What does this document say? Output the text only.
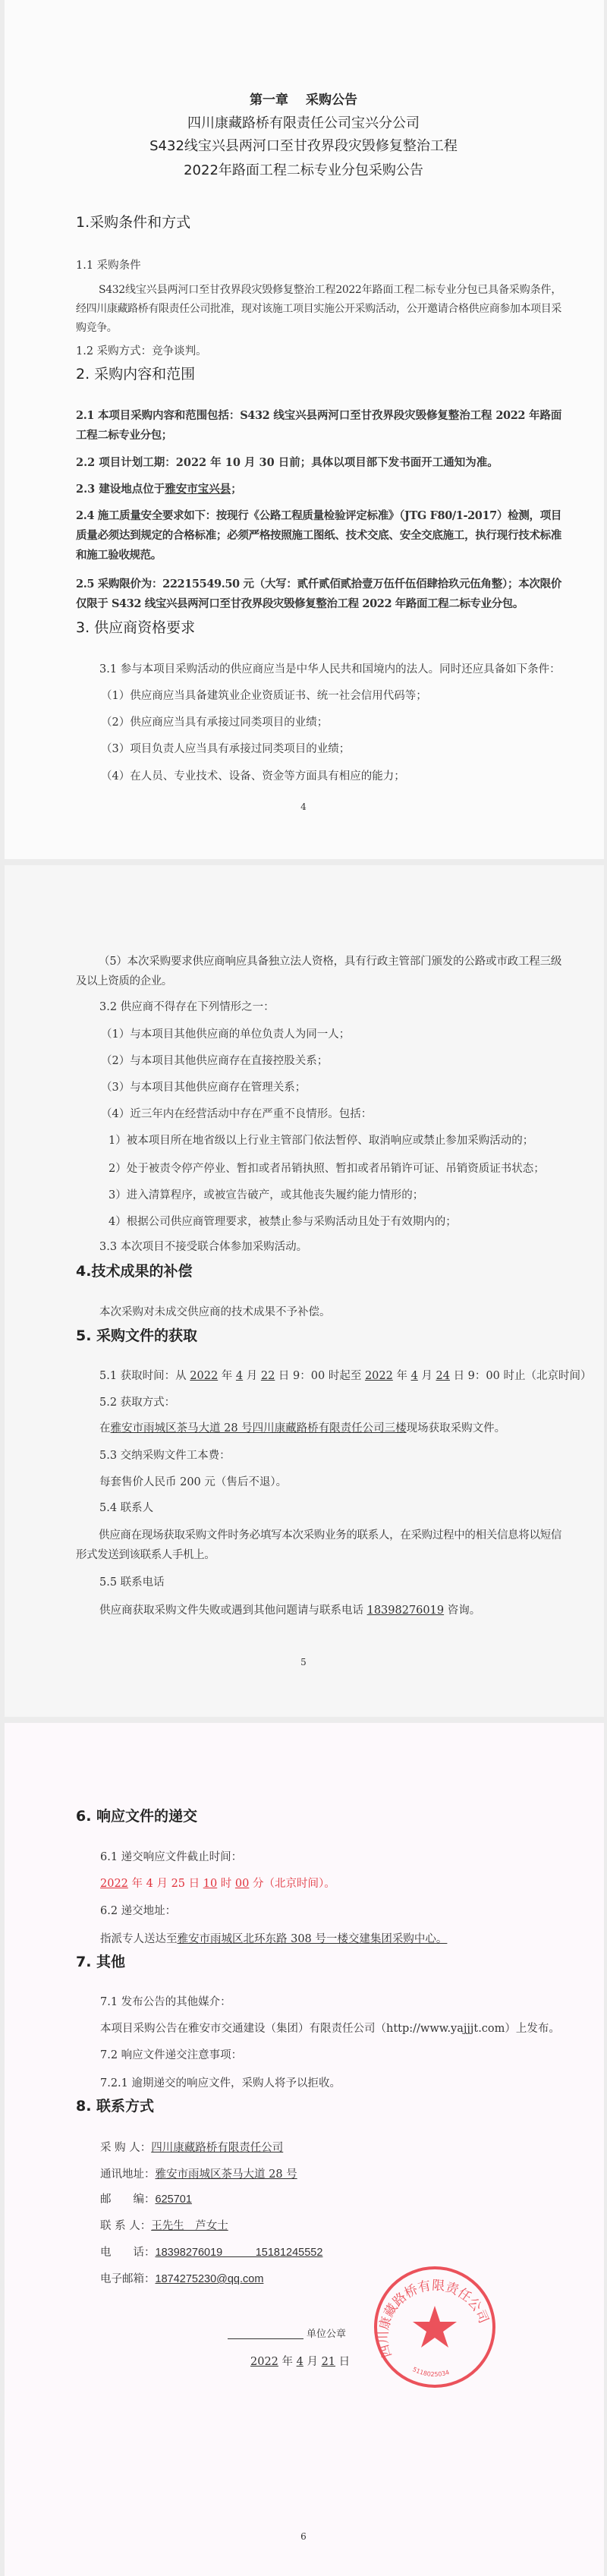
第一章　 采购公告
四川康藏路桥有限责任公司宝兴分公司
S432线宝兴县两河口至甘孜界段灾毁修复整治工程
2022年路面工程二标专业分包采购公告
1.采购条件和方式
1.1 采购条件
S432线宝兴县两河口至甘孜界段灾毁修复整治工程2022年路面工程二标专业分包已具备采购条件，经四川康藏路桥有限责任公司批准，现对该施工项目实施公开采购活动，公开邀请合格供应商参加本项目采购竞争。
1.2 采购方式：竞争谈判。
2. 采购内容和范围
2.1 本项目采购内容和范围包括：S432 线宝兴县两河口至甘孜界段灾毁修复整治工程 2022 年路面工程二标专业分包；
2.2 项目计划工期：2022 年 10 月 30 日前；具体以项目部下发书面开工通知为准。
2.3 建设地点位于雅安市宝兴县；
2.4 施工质量安全要求如下：按现行《公路工程质量检验评定标准》（JTG F80/1-2017）检测，项目质量必须达到规定的合格标准；必须严格按照施工图纸、技术交底、安全交底施工，执行现行技术标准和施工验收规范。
2.5 采购限价为：22215549.50 元（大写：贰仟贰佰贰拾壹万伍仟伍佰肆拾玖元伍角整）；本次限价仅限于 S432 线宝兴县两河口至甘孜界段灾毁修复整治工程 2022 年路面工程二标专业分包。
3. 供应商资格要求
3.1 参与本项目采购活动的供应商应当是中华人民共和国境内的法人。同时还应具备如下条件：
（1）供应商应当具备建筑业企业资质证书、统一社会信用代码等；
（2）供应商应当具有承接过同类项目的业绩；
（3）项目负责人应当具有承接过同类项目的业绩；
（4）在人员、专业技术、设备、资金等方面具有相应的能力；
4
（5）本次采购要求供应商响应具备独立法人资格，具有行政主管部门颁发的公路或市政工程三级及以上资质的企业。
3.2 供应商不得存在下列情形之一：
（1）与本项目其他供应商的单位负责人为同一人；
（2）与本项目其他供应商存在直接控股关系；
（3）与本项目其他供应商存在管理关系；
（4）近三年内在经营活动中存在严重不良情形。包括：
1）被本项目所在地省级以上行业主管部门依法暂停、取消响应或禁止参加采购活动的；
2）处于被责令停产停业、暂扣或者吊销执照、暂扣或者吊销许可证、吊销资质证书状态；
3）进入清算程序，或被宣告破产，或其他丧失履约能力情形的；
4）根据公司供应商管理要求，被禁止参与采购活动且处于有效期内的；
3.3 本次项目不接受联合体参加采购活动。
4.技术成果的补偿
本次采购对未成交供应商的技术成果不予补偿。
5. 采购文件的获取
5.1 获取时间：从 2022 年 4 月 22 日 9：00 时起至 2022 年 4 月 24 日 9：00 时止（北京时间）
5.2 获取方式：
在雅安市雨城区茶马大道 28 号四川康藏路桥有限责任公司三楼现场获取采购文件。
5.3 交纳采购文件工本费：
每套售价人民币 200 元（售后不退）。
5.4 联系人
供应商在现场获取采购文件时务必填写本次采购业务的联系人，在采购过程中的相关信息将以短信形式发送到该联系人手机上。
5.5 联系电话
供应商获取采购文件失败或遇到其他问题请与联系电话 18398276019 咨询。
5
6. 响应文件的递交
6.1 递交响应文件截止时间：
2022 年 4 月 25 日 10 时 00 分（北京时间）。
6.2 递交地址：
指派专人送达至雅安市雨城区北环东路 308 号一楼交建集团采购中心。
7. 其他
7.1 发布公告的其他媒介：
本项目采购公告在雅安市交通建设（集团）有限责任公司（http://www.yajjjt.com）上发布。
7.2 响应文件递交注意事项：
7.2.1 逾期递交的响应文件，采购人将予以拒收。
8. 联系方式
采 购 人：四川康藏路桥有限责任公司
通讯地址：雅安市雨城区茶马大道 28 号
邮　　编：625701
联 系 人：王先生　芦女士
电　　话：18398276019　　　15181245552
电子邮箱：1874275230@qq.com
单位公章
2022 年 4 月 21 日
四川康藏路桥有限责任公司
5118025034
6
